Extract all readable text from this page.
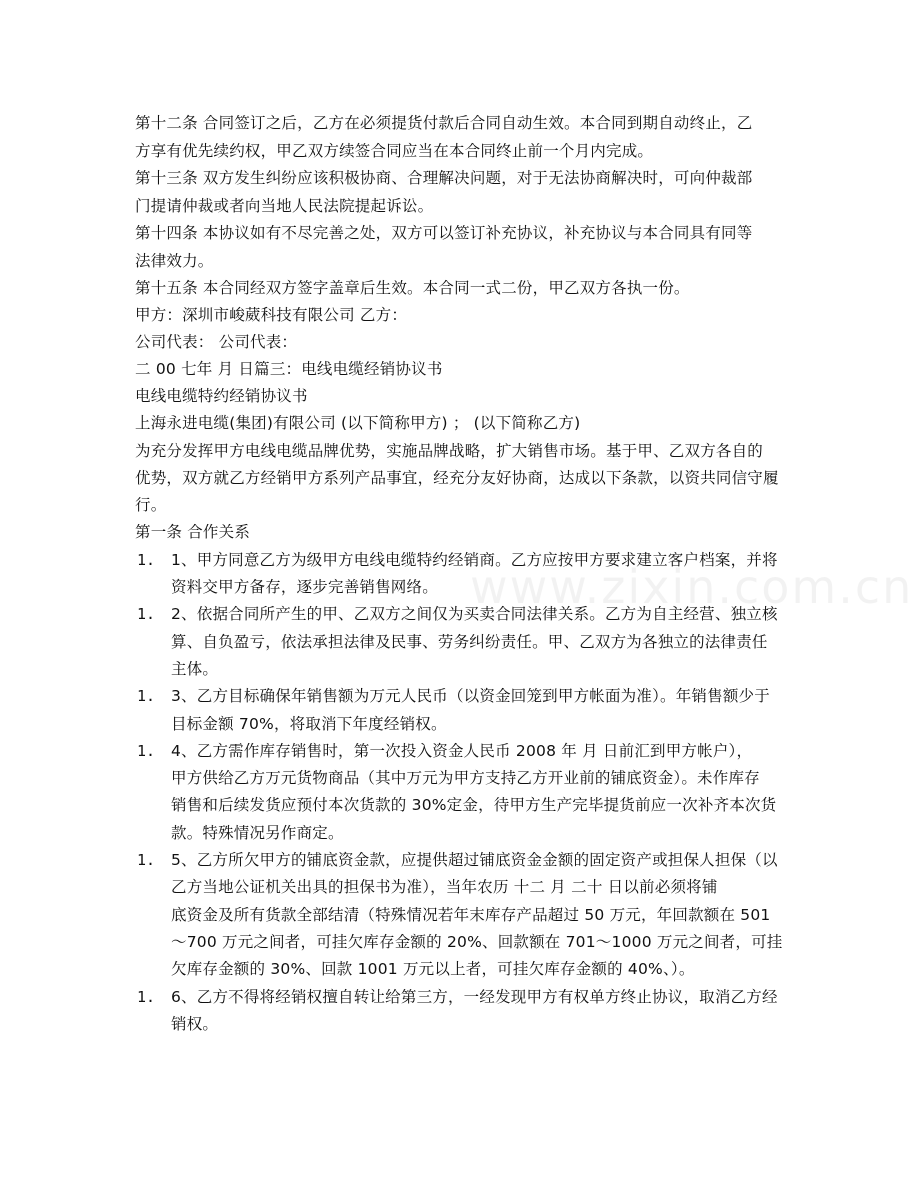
www.zixin.com.cn
第十二条 合同签订之后，乙方在必须提货付款后合同自动生效。本合同到期自动终止，乙
方享有优先续约权，甲乙双方续签合同应当在本合同终止前一个月内完成。
第十三条 双方发生纠纷应该积极协商、合理解决问题，对于无法协商解决时，可向仲裁部
门提请仲裁或者向当地人民法院提起诉讼。
第十四条 本协议如有不尽完善之处，双方可以签订补充协议，补充协议与本合同具有同等
法律效力。
第十五条 本合同经双方签字盖章后生效。本合同一式二份，甲乙双方各执一份。
甲方：深圳市峻葳科技有限公司 乙方：
公司代表： 公司代表：
二 00 七年 月 日篇三：电线电缆经销协议书
电线电缆特约经销协议书
上海永进电缆(集团)有限公司 (以下简称甲方) ； (以下简称乙方)
为充分发挥甲方电线电缆品牌优势，实施品牌战略，扩大销售市场。基于甲、乙双方各自的
优势，双方就乙方经销甲方系列产品事宜，经充分友好协商，达成以下条款，以资共同信守履
行。
第一条 合作关系
1. 1、甲方同意乙方为级甲方电线电缆特约经销商。乙方应按甲方要求建立客户档案，并将
资料交甲方备存，逐步完善销售网络。
1. 2、依据合同所产生的甲、乙双方之间仅为买卖合同法律关系。乙方为自主经营、独立核
算、自负盈亏，依法承担法律及民事、劳务纠纷责任。甲、乙双方为各独立的法律责任
主体。
1. 3、乙方目标确保年销售额为万元人民币（以资金回笼到甲方帐面为准）。年销售额少于
目标金额 70%，将取消下年度经销权。
1. 4、乙方需作库存销售时，第一次投入资金人民币 2008 年 月 日前汇到甲方帐户），
甲方供给乙方万元货物商品（其中万元为甲方支持乙方开业前的铺底资金）。未作库存
销售和后续发货应预付本次货款的 30%定金，待甲方生产完毕提货前应一次补齐本次货
款。特殊情况另作商定。
1. 5、乙方所欠甲方的铺底资金款，应提供超过铺底资金金额的固定资产或担保人担保（以
乙方当地公证机关出具的担保书为准），当年农历 十二 月 二十 日以前必须将铺
底资金及所有货款全部结清（特殊情况若年末库存产品超过 50 万元，年回款额在 501
～700 万元之间者，可挂欠库存金额的 20%、回款额在 701～1000 万元之间者，可挂
欠库存金额的 30%、回款 1001 万元以上者，可挂欠库存金额的 40%、）。
1. 6、乙方不得将经销权擅自转让给第三方，一经发现甲方有权单方终止协议，取消乙方经
销权。
